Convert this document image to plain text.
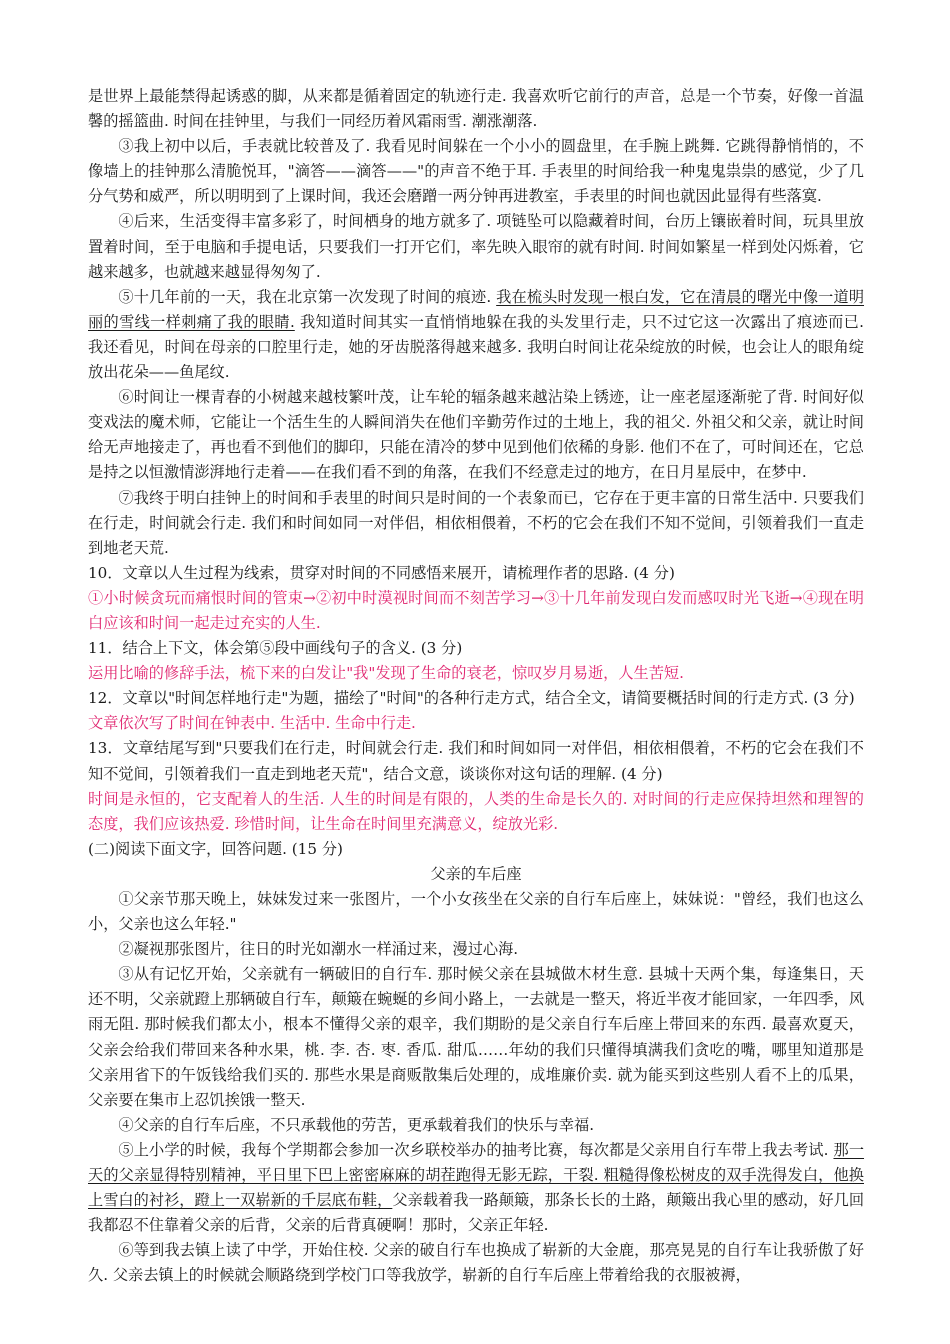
是世界上最能禁得起诱惑的脚，从来都是循着固定的轨迹行走. 我喜欢听它前行的声音，总是一个节奏，好像一首温馨的摇篮曲. 时间在挂钟里，与我们一同经历着风霜雨雪. 潮涨潮落.

③我上初中以后，手表就比较普及了. 我看见时间躲在一个小小的圆盘里，在手腕上跳舞. 它跳得静悄悄的，不像墙上的挂钟那么清脆悦耳，"滴答——滴答——"的声音不绝于耳. 手表里的时间给我一种鬼鬼祟祟的感觉，少了几分气势和威严，所以明明到了上课时间，我还会磨蹭一两分钟再进教室，手表里的时间也就因此显得有些落寞.

④后来，生活变得丰富多彩了，时间栖身的地方就多了. 项链坠可以隐藏着时间，台历上镶嵌着时间，玩具里放置着时间，至于电脑和手提电话，只要我们一打开它们，率先映入眼帘的就有时间. 时间如繁星一样到处闪烁着，它越来越多，也就越来越显得匆匆了.

⑤十几年前的一天，我在北京第一次发现了时间的痕迹. 我在梳头时发现一根白发，它在清晨的曙光中像一道明丽的雪线一样刺痛了我的眼睛. 我知道时间其实一直悄悄地躲在我的头发里行走，只不过它这一次露出了痕迹而已. 我还看见，时间在母亲的口腔里行走，她的牙齿脱落得越来越多. 我明白时间让花朵绽放的时候，也会让人的眼角绽放出花朵——鱼尾纹.

⑥时间让一棵青春的小树越来越枝繁叶茂，让车轮的辐条越来越沾染上锈迹，让一座老屋逐渐驼了背. 时间好似变戏法的魔术师，它能让一个活生生的人瞬间消失在他们辛勤劳作过的土地上，我的祖父. 外祖父和父亲，就让时间给无声地接走了，再也看不到他们的脚印，只能在清冷的梦中见到他们依稀的身影. 他们不在了，可时间还在，它总是持之以恒激情澎湃地行走着——在我们看不到的角落，在我们不经意走过的地方，在日月星辰中，在梦中.

⑦我终于明白挂钟上的时间和手表里的时间只是时间的一个表象而已，它存在于更丰富的日常生活中. 只要我们在行走，时间就会行走. 我们和时间如同一对伴侣，相依相偎着，不朽的它会在我们不知不觉间，引领着我们一直走到地老天荒.

10．文章以人生过程为线索，贯穿对时间的不同感悟来展开，请梳理作者的思路. (4 分)

①小时候贪玩而痛恨时间的管束→②初中时漠视时间而不刻苦学习→③十几年前发现白发而感叹时光飞逝→④现在明白应该和时间一起走过充实的人生.

11．结合上下文，体会第⑤段中画线句子的含义. (3 分)

运用比喻的修辞手法，梳下来的白发让"我"发现了生命的衰老，惊叹岁月易逝，人生苦短.

12．文章以"时间怎样地行走"为题，描绘了"时间"的各种行走方式，结合全文，请简要概括时间的行走方式. (3 分)

文章依次写了时间在钟表中. 生活中. 生命中行走.

13．文章结尾写到"只要我们在行走，时间就会行走. 我们和时间如同一对伴侣，相依相偎着，不朽的它会在我们不知不觉间，引领着我们一直走到地老天荒"，结合文意，谈谈你对这句话的理解. (4 分)

时间是永恒的，它支配着人的生活. 人生的时间是有限的，人类的生命是长久的. 对时间的行走应保持坦然和理智的态度，我们应该热爱. 珍惜时间，让生命在时间里充满意义，绽放光彩.

(二)阅读下面文字，回答问题. (15 分)

父亲的车后座

①父亲节那天晚上，妹妹发过来一张图片，一个小女孩坐在父亲的自行车后座上，妹妹说："曾经，我们也这么小，父亲也这么年轻."

②凝视那张图片，往日的时光如潮水一样涌过来，漫过心海.

③从有记忆开始，父亲就有一辆破旧的自行车. 那时候父亲在县城做木材生意. 县城十天两个集，每逢集日，天还不明，父亲就蹬上那辆破自行车，颠簸在蜿蜒的乡间小路上，一去就是一整天，将近半夜才能回家，一年四季，风雨无阻. 那时候我们都太小，根本不懂得父亲的艰辛，我们期盼的是父亲自行车后座上带回来的东西. 最喜欢夏天，父亲会给我们带回来各种水果，桃. 李. 杏. 枣. 香瓜. 甜瓜……年幼的我们只懂得填满我们贪吃的嘴，哪里知道那是父亲用省下的午饭钱给我们买的. 那些水果是商贩散集后处理的，成堆廉价卖. 就为能买到这些别人看不上的瓜果，父亲要在集市上忍饥挨饿一整天.

④父亲的自行车后座，不只承载他的劳苦，更承载着我们的快乐与幸福.

⑤上小学的时候，我每个学期都会参加一次乡联校举办的抽考比赛，每次都是父亲用自行车带上我去考试. 那一天的父亲显得特别精神，平日里下巴上密密麻麻的胡茬跑得无影无踪，干裂. 粗糙得像松树皮的双手洗得发白，他换上雪白的衬衫，蹬上一双崭新的千层底布鞋，父亲载着我一路颠簸，那条长长的土路，颠簸出我心里的感动，好几回我都忍不住靠着父亲的后背，父亲的后背真硬啊！那时，父亲正年轻.

⑥等到我去镇上读了中学，开始住校. 父亲的破自行车也换成了崭新的大金鹿，那亮晃晃的自行车让我骄傲了好久. 父亲去镇上的时候就会顺路绕到学校门口等我放学，崭新的自行车后座上带着给我的衣服被褥，
